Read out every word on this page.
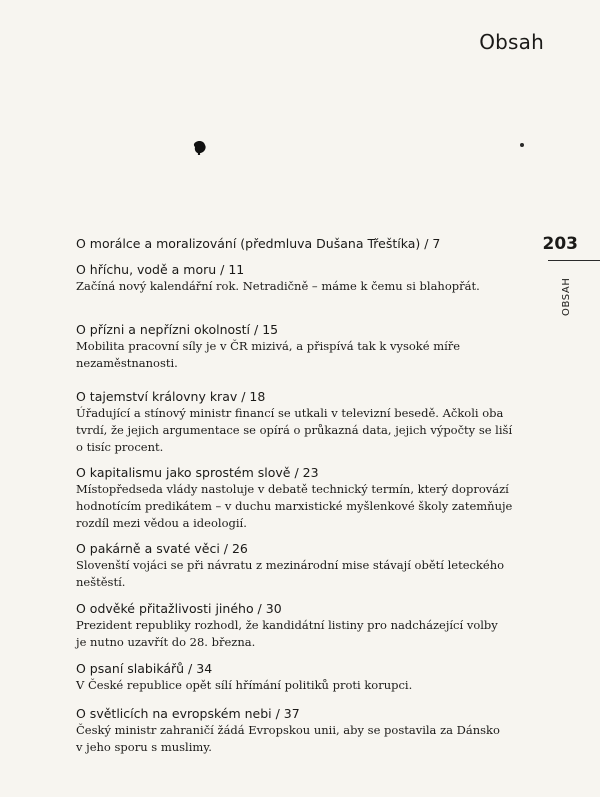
Obsah
203
OBSAH
O morálce a moralizování (předmluva Dušana Třeštíka) / 7
O hříchu, vodě a moru / 11
Začíná nový kalendářní rok. Netradičně – máme k čemu si blahopřát.
O přízni a nepřízni okolností / 15
Mobilita pracovní síly je v ČR mizivá, a přispívá tak k vysoké míře
nezaměstnanosti.
O tajemství královny krav / 18
Úřadující a stínový ministr financí se utkali v televizní besedě. Ačkoli oba
tvrdí, že jejich argumentace se opírá o průkazná data, jejich výpočty se liší
o tisíc procent.
O kapitalismu jako sprostém slově / 23
Místopředseda vlády nastoluje v debatě technický termín, který doprovází
hodnotícím predikátem – v duchu marxistické myšlenkové školy zatemňuje
rozdíl mezi vědou a ideologií.
O pakárně a svaté věci / 26
Slovenští vojáci se při návratu z mezinárodní mise stávají obětí leteckého
neštěstí.
O odvěké přitažlivosti jiného / 30
Prezident republiky rozhodl, že kandidátní listiny pro nadcházející volby
je nutno uzavřít do 28. března.
O psaní slabikářů / 34
V České republice opět sílí hřímání politiků proti korupci.
O světlicích na evropském nebi / 37
Český ministr zahraničí žádá Evropskou unii, aby se postavila za Dánsko
v jeho sporu s muslimy.
